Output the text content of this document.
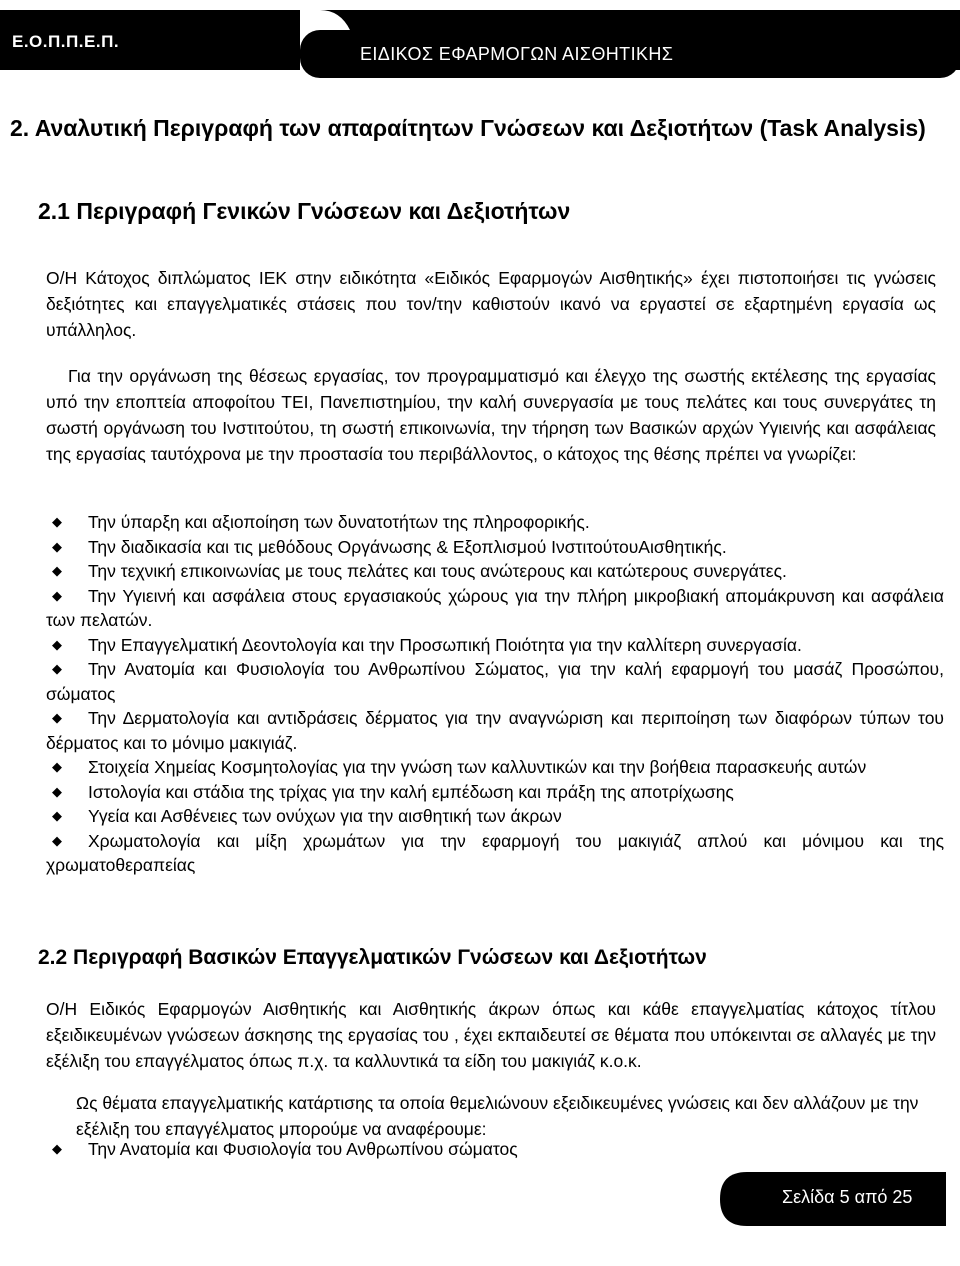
Ε.Ο.Π.Π.Ε.Π.
ΕΙΔΙΚΟΣ ΕΦΑΡΜΟΓΩΝ ΑΙΣΘΗΤΙΚΗΣ
2. Αναλυτική Περιγραφή των απαραίτητων Γνώσεων και Δεξιοτήτων (Task Analysis)
2.1 Περιγραφή Γενικών Γνώσεων και Δεξιοτήτων
Ο/Η Κάτοχος διπλώματος ΙΕΚ στην ειδικότητα «Ειδικός Εφαρμογών Αισθητικής» έχει πιστοποιήσει τις γνώσεις δεξιότητες και επαγγελματικές στάσεις που τον/την καθιστούν ικανό να εργαστεί σε εξαρτημένη εργασία ως υπάλληλος.
Για την οργάνωση της θέσεως εργασίας, τον προγραμματισμό και έλεγχο της σωστής εκτέλεσης της εργασίας υπό την εποπτεία αποφοίτου ΤΕΙ, Πανεπιστημίου, την καλή συνεργασία με τους πελάτες και τους συνεργάτες τη σωστή οργάνωση του Ινστιτούτου, τη σωστή επικοινωνία, την τήρηση των Βασικών αρχών Υγιεινής και ασφάλειας της εργασίας ταυτόχρονα με την προστασία του περιβάλλοντος, ο κάτοχος της θέσης πρέπει να γνωρίζει:
◆ Την ύπαρξη και αξιοποίηση των δυνατοτήτων της πληροφορικής.
◆ Την διαδικασία και τις μεθόδους Οργάνωσης & Εξοπλισμού ΙνστιτούτουΑισθητικής.
◆ Την τεχνική επικοινωνίας με τους πελάτες και τους ανώτερους και κατώτερους συνεργάτες.
◆ Την Υγιεινή και ασφάλεια στους εργασιακούς χώρους για την πλήρη μικροβιακή απομάκρυνση και ασφάλεια των πελατών.
◆ Την Επαγγελματική Δεοντολογία και την Προσωπική Ποιότητα για την καλλίτερη συνεργασία.
◆ Την Ανατομία και Φυσιολογία του Ανθρωπίνου Σώματος, για την καλή εφαρμογή του μασάζ Προσώπου, σώματος
◆ Την Δερματολογία και αντιδράσεις δέρματος για την αναγνώριση και περιποίηση των διαφόρων τύπων του δέρματος και το μόνιμο μακιγιάζ.
◆ Στοιχεία Χημείας Κοσμητολογίας για την γνώση των καλλυντικών και την βοήθεια παρασκευής αυτών
◆ Ιστολογία και στάδια της τρίχας για την καλή εμπέδωση και πράξη της αποτρίχωσης
◆ Υγεία και Ασθένειες των ονύχων για την αισθητική των άκρων
◆ Χρωματολογία και μίξη χρωμάτων για την εφαρμογή του μακιγιάζ απλού και μόνιμου και της χρωματοθεραπείας
2.2 Περιγραφή Βασικών Επαγγελματικών Γνώσεων και Δεξιοτήτων
Ο/Η Ειδικός Εφαρμογών Αισθητικής και Αισθητικής άκρων όπως και κάθε επαγγελματίας κάτοχος τίτλου εξειδικευμένων γνώσεων άσκησης της εργασίας του , έχει εκπαιδευτεί σε θέματα που υπόκεινται σε αλλαγές με την εξέλιξη του επαγγέλματος όπως π.χ. τα καλλυντικά τα είδη του μακιγιάζ κ.ο.κ.
Ως θέματα επαγγελματικής κατάρτισης τα οποία θεμελιώνουν εξειδικευμένες γνώσεις και δεν αλλάζουν με την εξέλιξη του επαγγέλματος μπορούμε να αναφέρουμε:
◆ Την Ανατομία και Φυσιολογία του Ανθρωπίνου σώματος
Σελίδα 5 από 25
